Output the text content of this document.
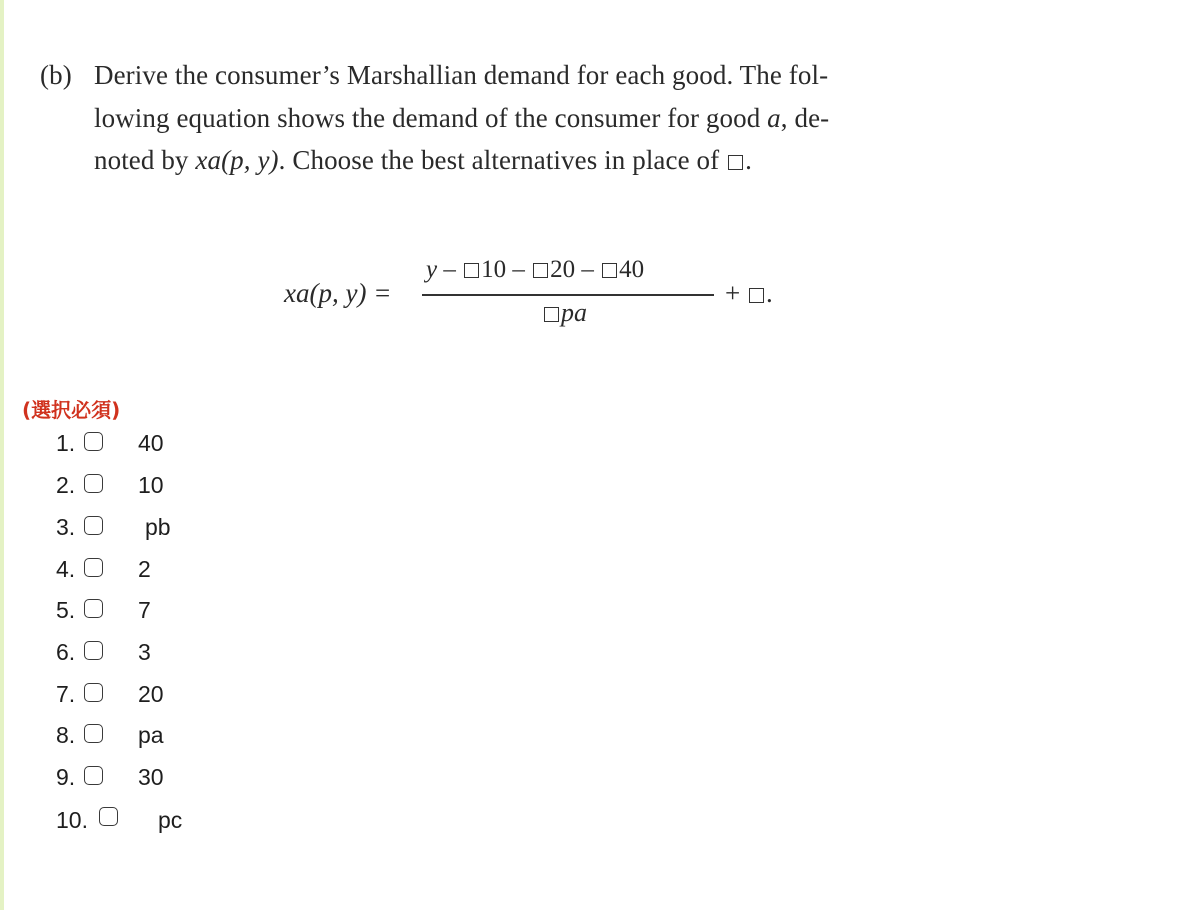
(b) Derive the consumer’s Marshallian demand for each good. The fol-
lowing equation shows the demand of the consumer for good a, de-
noted by xa(p, y). Choose the best alternatives in place of .
xa(p, y) =
y – 10 – 20 – 40
pa
+ .
(選択必須)
1.	40
2.	10
3.	pb
4.	2
5.	7
6.	3
7.	20
8.	pa
9.	30
10.	pc
